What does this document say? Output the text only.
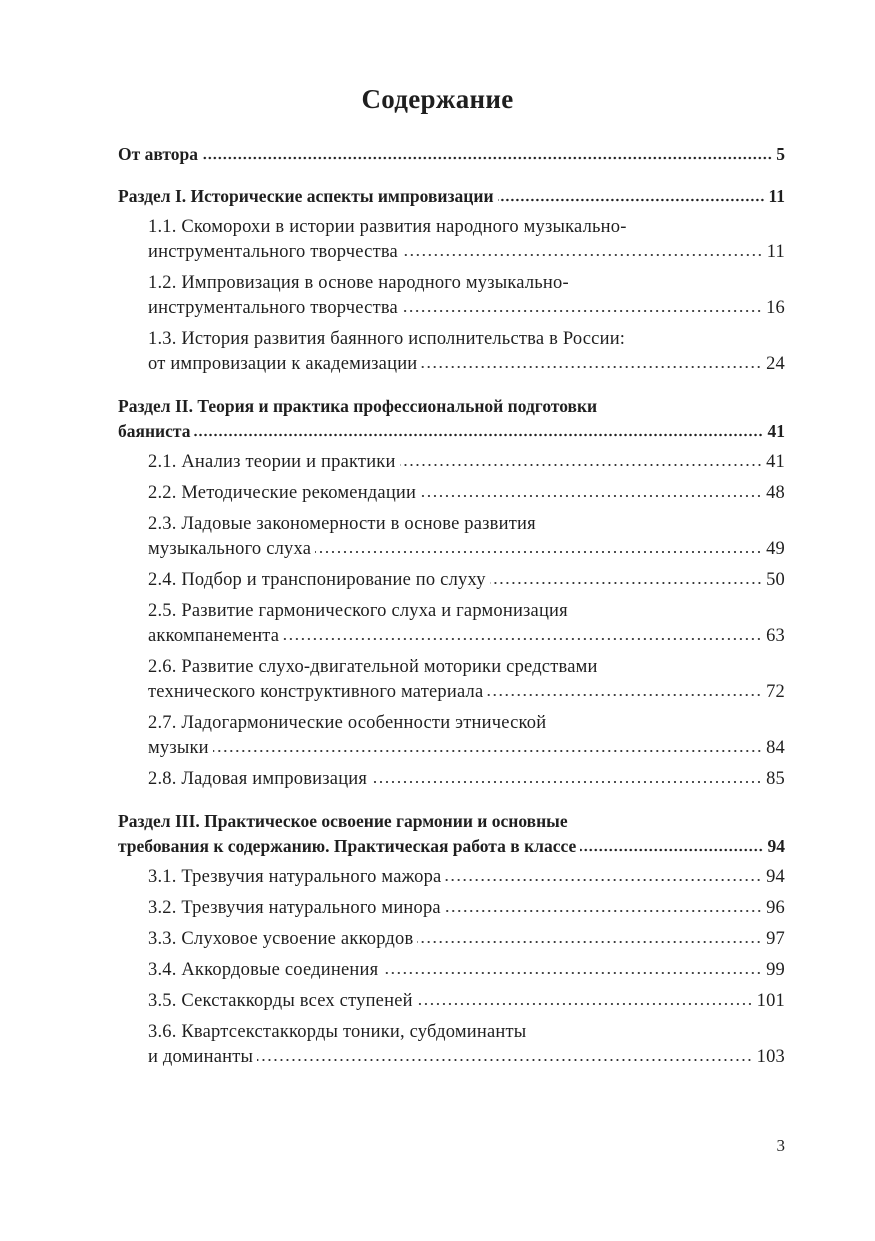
Содержание
От автора	5
Раздел I. Исторические аспекты импровизации	11
1.1. Скоморохи в истории развития народного музыкально-
инструментального творчества	11
1.2. Импровизация в основе народного музыкально-
инструментального творчества	16
1.3. История развития баянного исполнительства в России:
от импровизации к академизации	24
Раздел II. Теория и практика профессиональной подготовки
баяниста	41
2.1. Анализ теории и практики	41
2.2. Методические рекомендации	48
2.3. Ладовые закономерности в основе развития
музыкального слуха	49
2.4. Подбор и транспонирование по слуху	50
2.5. Развитие гармонического слуха и гармонизация
аккомпанемента	63
2.6. Развитие слухо-двигательной моторики средствами
технического конструктивного материала	72
2.7. Ладогармонические особенности этнической
музыки	84
2.8. Ладовая импровизация	85
Раздел III. Практическое освоение гармонии и основные
требования к содержанию. Практическая работа в классе	94
3.1. Трезвучия натурального мажора	94
3.2. Трезвучия натурального минора	96
3.3. Слуховое усвоение аккордов	97
3.4. Аккордовые соединения	99
3.5. Секстаккорды всех ступеней	101
3.6. Квартсекстаккорды тоники, субдоминанты
и доминанты	103
3
